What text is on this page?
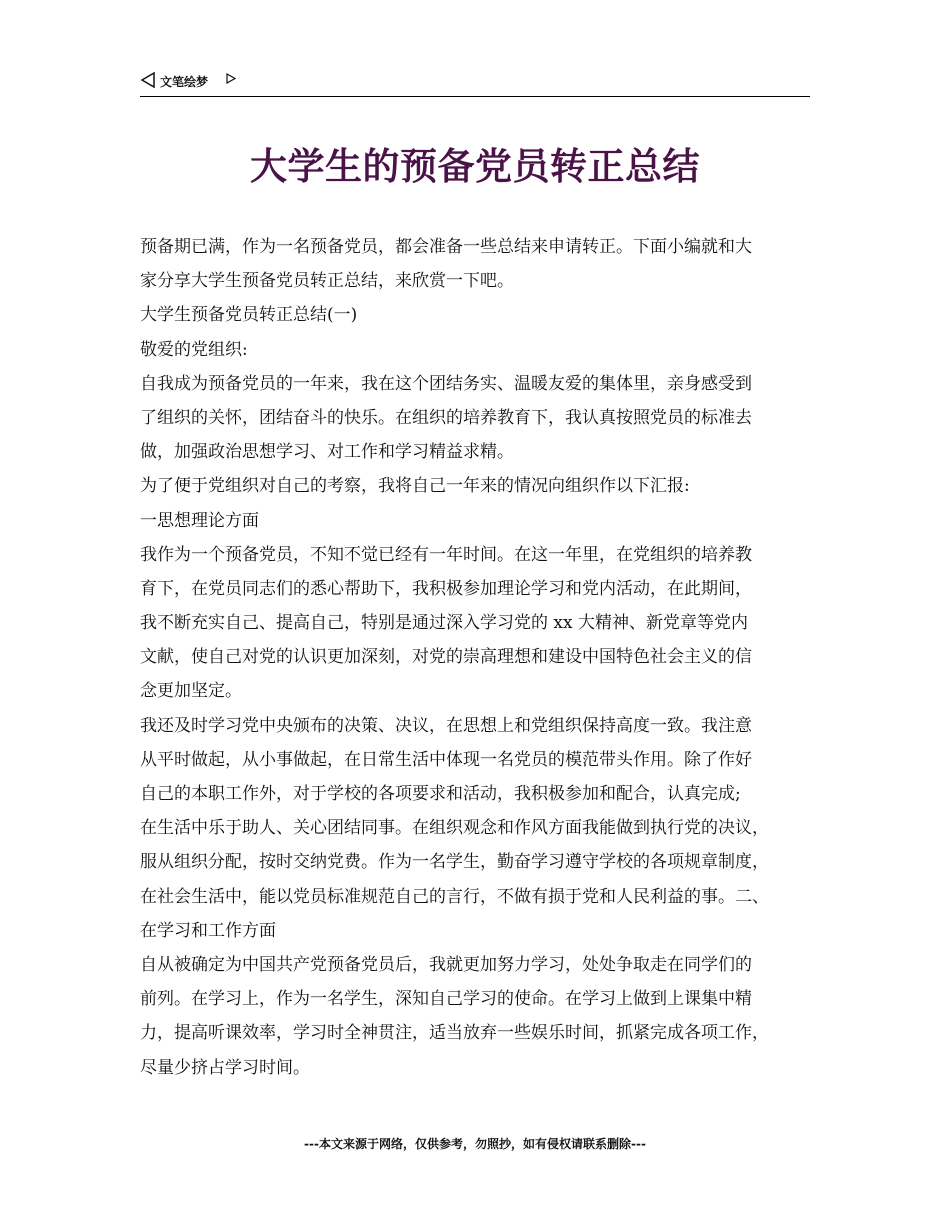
文笔绘梦
大学生的预备党员转正总结
预备期已满，作为一名预备党员，都会准备一些总结来申请转正。下面小编就和大
家分享大学生预备党员转正总结，来欣赏一下吧。
大学生预备党员转正总结(一)
敬爱的党组织:
自我成为预备党员的一年来，我在这个团结务实、温暖友爱的集体里，亲身感受到
了组织的关怀，团结奋斗的快乐。在组织的培养教育下，我认真按照党员的标准去
做，加强政治思想学习、对工作和学习精益求精。
为了便于党组织对自己的考察，我将自己一年来的情况向组织作以下汇报:
一思想理论方面
我作为一个预备党员，不知不觉已经有一年时间。在这一年里，在党组织的培养教
育下，在党员同志们的悉心帮助下，我积极参加理论学习和党内活动，在此期间，
我不断充实自己、提高自己，特别是通过深入学习党的 xx 大精神、新党章等党内
文献，使自己对党的认识更加深刻，对党的崇高理想和建设中国特色社会主义的信
念更加坚定。
我还及时学习党中央颁布的决策、决议，在思想上和党组织保持高度一致。我注意
从平时做起，从小事做起，在日常生活中体现一名党员的模范带头作用。除了作好
自己的本职工作外，对于学校的各项要求和活动，我积极参加和配合，认真完成;
在生活中乐于助人、关心团结同事。在组织观念和作风方面我能做到执行党的决议，
服从组织分配，按时交纳党费。作为一名学生，勤奋学习遵守学校的各项规章制度，
在社会生活中，能以党员标准规范自己的言行，不做有损于党和人民利益的事。二、
在学习和工作方面
自从被确定为中国共产党预备党员后，我就更加努力学习，处处争取走在同学们的
前列。在学习上，作为一名学生，深知自己学习的使命。在学习上做到上课集中精
力，提高听课效率，学习时全神贯注，适当放弃一些娱乐时间，抓紧完成各项工作，
尽量少挤占学习时间。
---本文来源于网络，仅供参考，勿照抄，如有侵权请联系删除---
